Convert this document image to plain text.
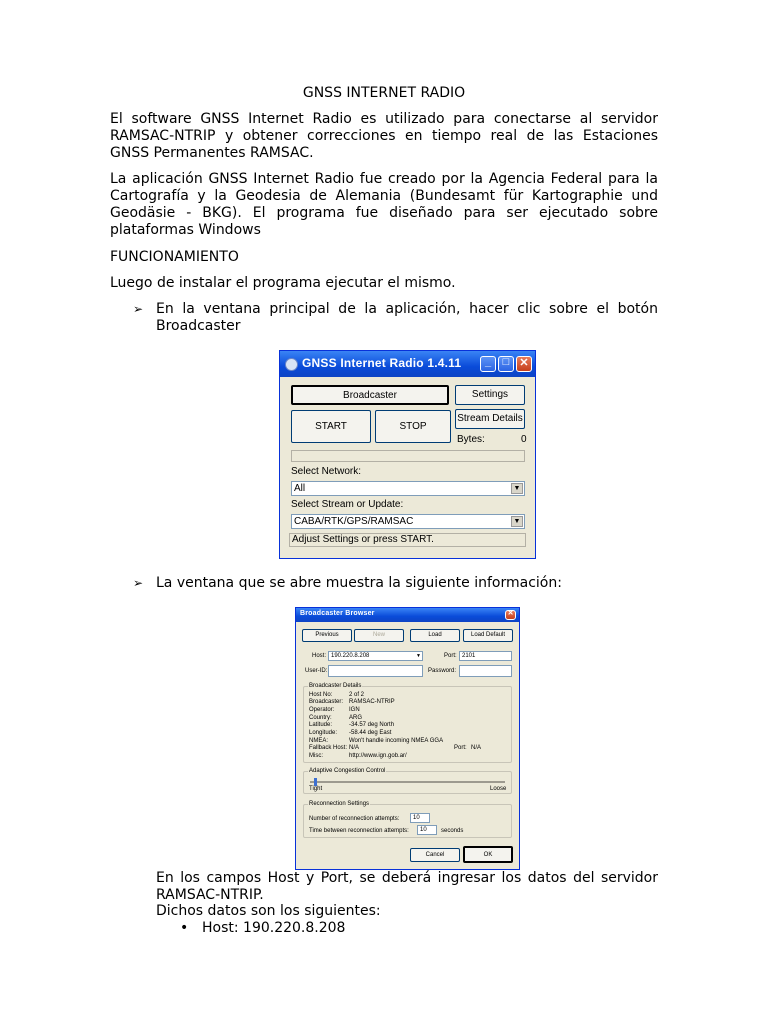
GNSS INTERNET RADIO
El software GNSS Internet Radio es utilizado para conectarse al servidor
RAMSAC-NTRIP y obtener correcciones en tiempo real de las Estaciones
GNSS Permanentes RAMSAC.
La aplicación GNSS Internet Radio fue creado por la Agencia Federal para la
Cartografía y la Geodesia de Alemania (Bundesamt für Kartographie und
Geodäsie - BKG). El programa fue diseñado para ser ejecutado sobre
plataformas Windows
FUNCIONAMIENTO
Luego de instalar el programa ejecutar el mismo.
➢ En la ventana principal de la aplicación, hacer clic sobre el botón
Broadcaster
GNSS Internet Radio 1.4.11	_	□ ✕
Broadcaster	Settings
START	STOP
Stream Details
Bytes:	0
Select Network:
All	▼
Select Stream or Update:
CABA/RTK/GPS/RAMSAC	▼
Adjust Settings or press START.
➢ La ventana que se abre muestra la siguiente información:
Broadcaster Browser	✕
Previous	New	Load	Load Default
Host: 190.220.8.208	▼	Port: 2101
User-ID:	Password:
Broadcaster Details
Host No:	2 of 2
Broadcaster: RAMSAC-NTRIP
Operator: IGN
Country:	ARG
Latitude:	-34.57 deg North
Longitude: -58.44 deg East
NMEA:	Won't handle incoming NMEA GGA
Fallback Host: N/A	Port: N/A
Misc:	http://www.ign.gob.ar/
Adaptive Congestion Control
Tight	Loose
Reconnection Settings
Number of reconnection attempts:	10
Time between reconnection attempts:	10	seconds
Cancel	OK
En los campos Host y Port, se deberá ingresar los datos del servidor
RAMSAC-NTRIP.
Dichos datos son los siguientes:
• Host: 190.220.8.208
